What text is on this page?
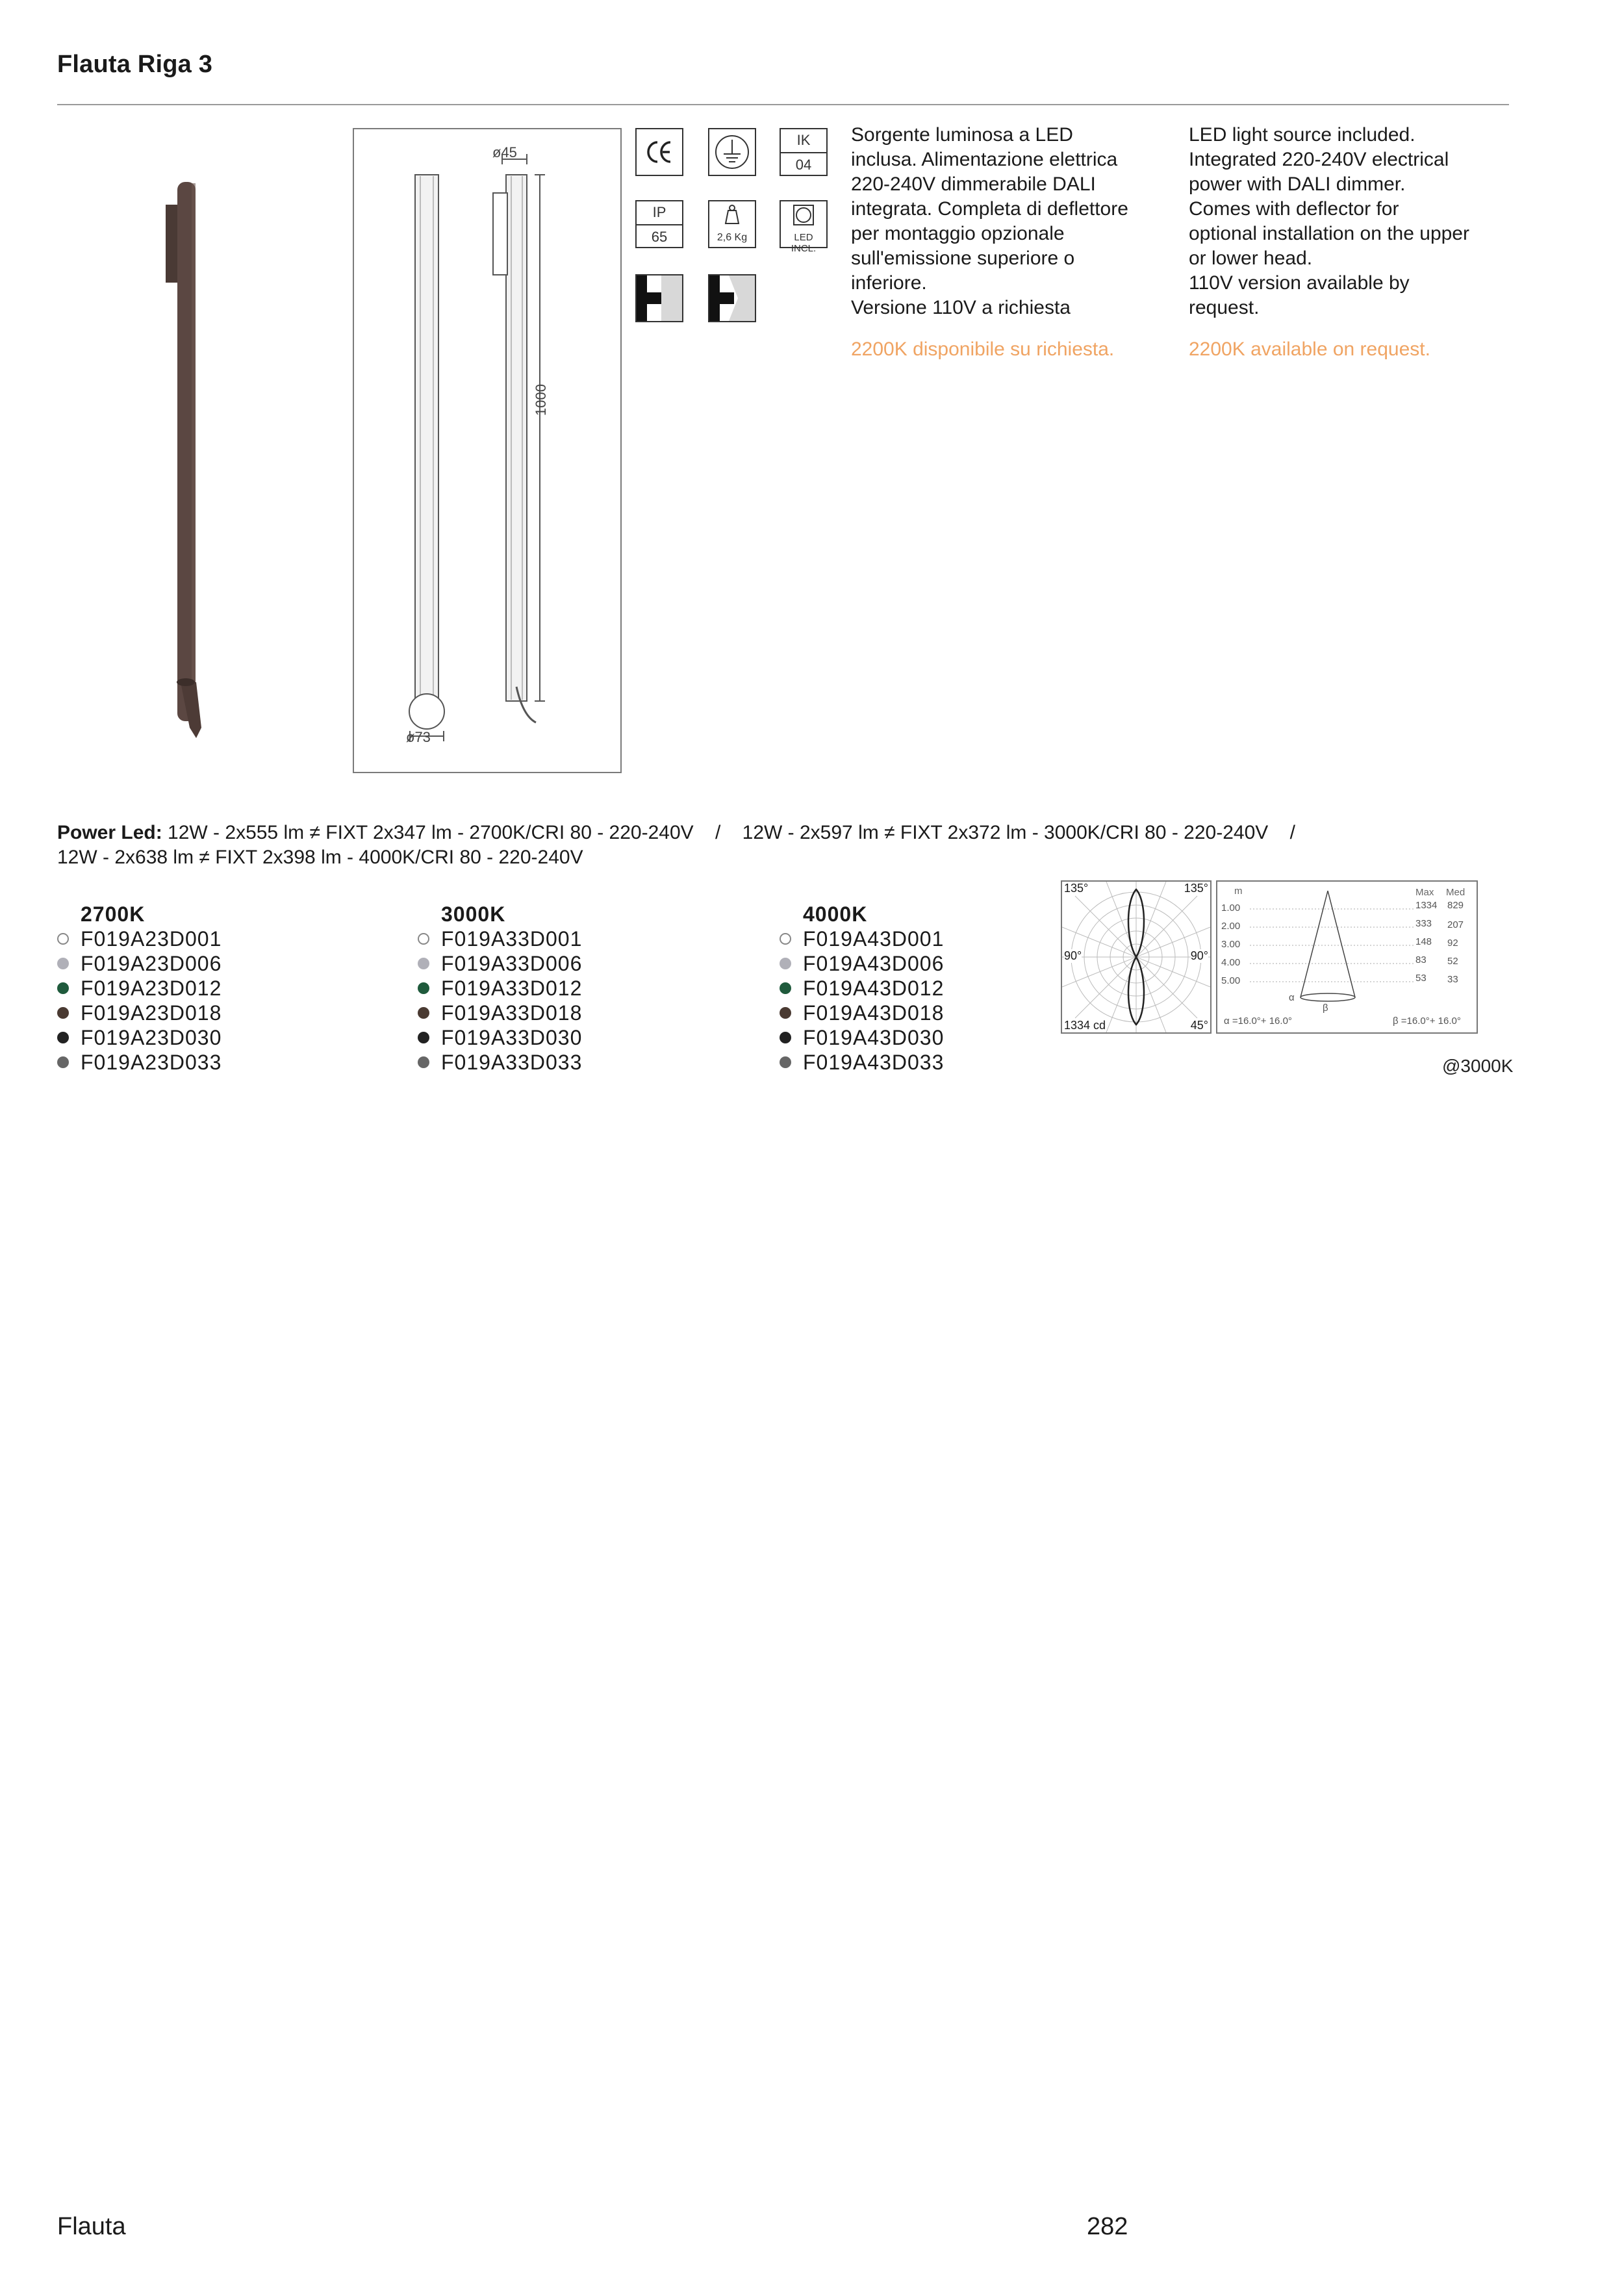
Flauta Riga 3
ø45
1000
ø73
IK
04
IP
65	2,6 Kg	LED INCL.
Sorgente luminosa a LED
inclusa. Alimentazione elettrica
220-240V dimmerabile DALI
integrata. Completa di deflettore
per montaggio opzionale
sull'emissione superiore o
inferiore.
Versione 110V a richiesta
LED light source included.
Integrated 220-240V electrical
power with DALI dimmer.
Comes with deflector for
optional installation on the upper
or lower head.
110V version available by
request.
2200K disponibile su richiesta.	2200K available on request.
Power Led: 12W - 2x555 lm ≠ FIXT 2x347 lm - 2700K/CRI 80 - 220-240V    /    12W - 2x597 lm ≠ FIXT 2x372 lm - 3000K/CRI 80 - 220-240V    /
12W - 2x638 lm ≠ FIXT 2x398 lm - 4000K/CRI 80 - 220-240V
2700K
F019A23D001
F019A23D006
F019A23D012
F019A23D018
F019A23D030
F019A23D033
3000K
F019A33D001
F019A33D006
F019A33D012
F019A33D018
F019A33D030
F019A33D033
4000K
F019A43D001
F019A43D006
F019A43D012
F019A43D018
F019A43D030
F019A43D033
135°	135°
90°	90°
1334 cd	45°
m	Max Med
1.00	1334 829
2.00	333 207
3.00	148 92
4.00	83 52
5.00	53 33
α
β
α =16.0°+ 16.0°	β =16.0°+ 16.0°
@3000K
Flauta	282
